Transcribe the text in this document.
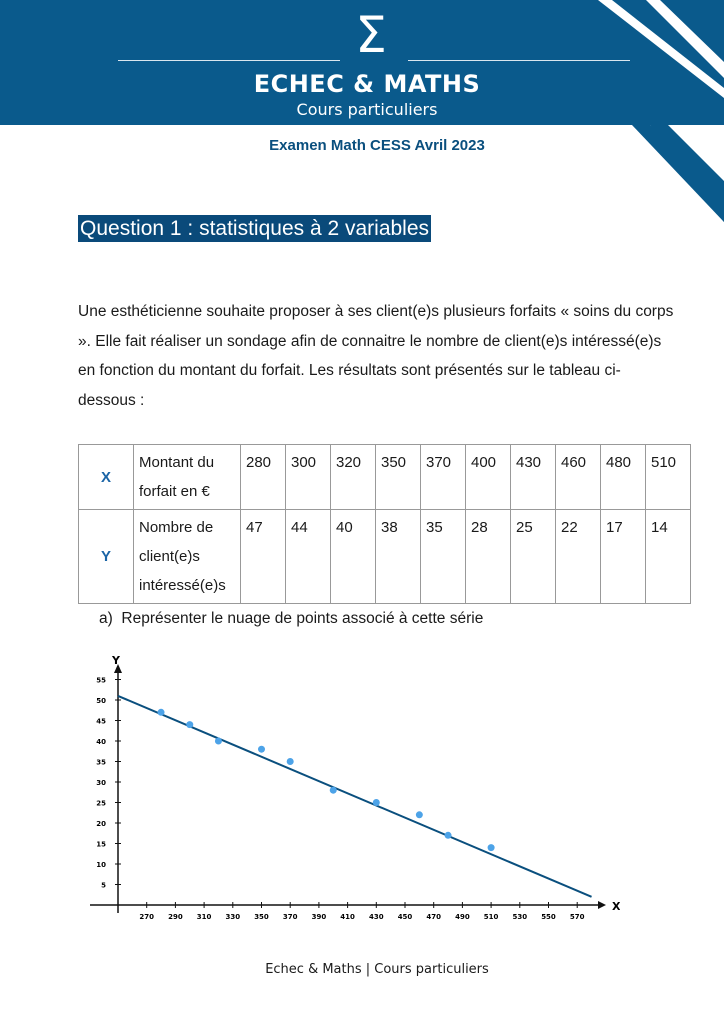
Σ
ECHEC & MATHS
Cours particuliers
Examen Math CESS Avril 2023
Question 1 : statistiques à 2 variables
Une esthéticienne souhaite proposer à ses client(e)s plusieurs forfaits « soins du corps ». Elle fait réaliser un sondage afin de connaitre le nombre de client(e)s intéressé(e)s en fonction du montant du forfait. Les résultats sont présentés sur le tableau ci-dessous :
X	Montant du forfait en €	280	300	320	350	370	400	430	460	480	510
Y	Nombre de client(e)s intéressé(e)s	47	44	40	38	35	28	25	22	17	14
a) Représenter le nuage de points associé à cette série
X
Y
270 290 310 330 350 370 390 410 430 450 470 490 510 530 550 570
5
10
15
20
25
30
35
40
45
50
55
Echec & Maths | Cours particuliers
